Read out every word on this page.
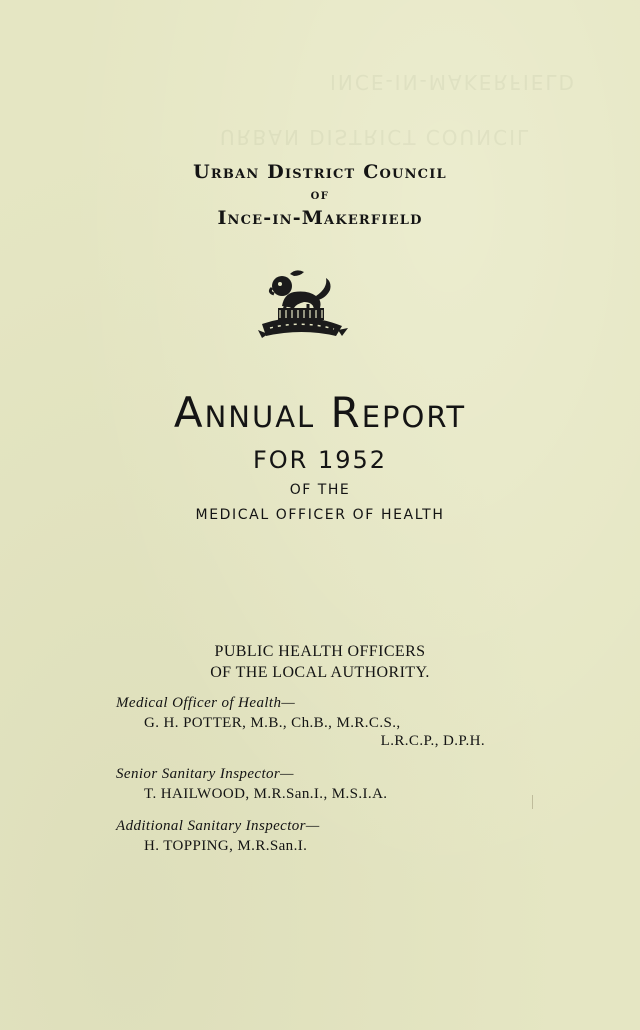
INCE-IN-MAKERFIELD
URBAN DISTRICT COUNCIL
Urban District Council
of
Ince-in-Makerfield
Annual Report
FOR 1952
OF THE
MEDICAL OFFICER OF HEALTH
PUBLIC HEALTH OFFICERS
OF THE LOCAL AUTHORITY.
Medical Officer of Health—
G. H. POTTER, M.B., Ch.B., M.R.C.S.,
L.R.C.P., D.P.H.
Senior Sanitary Inspector—
T. HAILWOOD, M.R.San.I., M.S.I.A.
Additional Sanitary Inspector—
H. TOPPING, M.R.San.I.
